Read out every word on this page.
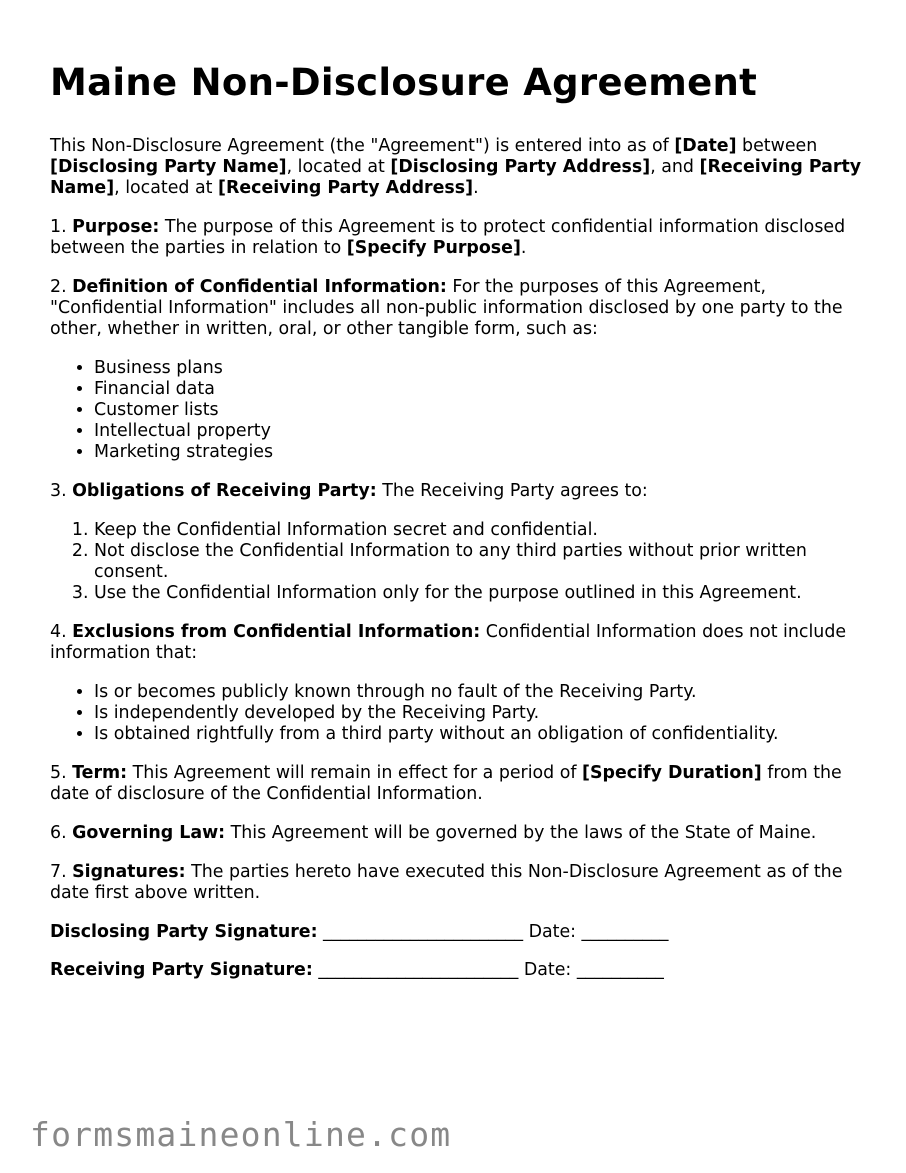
Maine Non-Disclosure Agreement

This Non-Disclosure Agreement (the "Agreement") is entered into as of [Date] between [Disclosing Party Name], located at [Disclosing Party Address], and [Receiving Party Name], located at [Receiving Party Address].

1. Purpose: The purpose of this Agreement is to protect confidential information disclosed between the parties in relation to [Specify Purpose].

2. Definition of Confidential Information: For the purposes of this Agreement, "Confidential Information" includes all non-public information disclosed by one party to the other, whether in written, oral, or other tangible form, such as:

• Business plans
• Financial data
• Customer lists
• Intellectual property
• Marketing strategies

3. Obligations of Receiving Party: The Receiving Party agrees to:

1. Keep the Confidential Information secret and confidential.
2. Not disclose the Confidential Information to any third parties without prior written consent.
3. Use the Confidential Information only for the purpose outlined in this Agreement.

4. Exclusions from Confidential Information: Confidential Information does not include information that:

• Is or becomes publicly known through no fault of the Receiving Party.
• Is independently developed by the Receiving Party.
• Is obtained rightfully from a third party without an obligation of confidentiality.

5. Term: This Agreement will remain in effect for a period of [Specify Duration] from the date of disclosure of the Confidential Information.

6. Governing Law: This Agreement will be governed by the laws of the State of Maine.

7. Signatures: The parties hereto have executed this Non-Disclosure Agreement as of the date first above written.

Disclosing Party Signature: _______________________ Date: __________

Receiving Party Signature: _______________________ Date: __________

formsmaineonline.com
